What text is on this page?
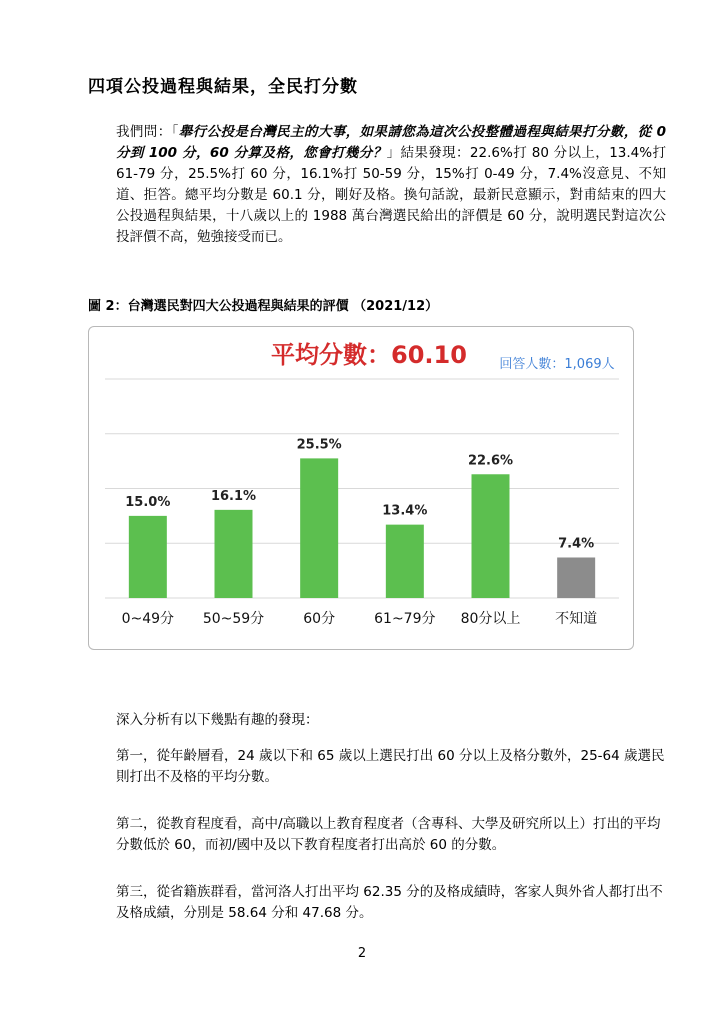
四項公投過程與結果，全民打分數
我們問：「舉行公投是台灣民主的大事，如果請您為這次公投整體過程與結果打分數，從 0 分到 100 分，60 分算及格，您會打幾分？」結果發現：22.6%打 80 分以上，13.4%打 61-79 分，25.5%打 60 分，16.1%打 50-59 分，15%打 0-49 分，7.4%沒意見、不知道、拒答。總平均分數是 60.1 分，剛好及格。換句話說，最新民意顯示，對甫結束的四大公投過程與結果，十八歲以上的 1988 萬台灣選民給出的評價是 60 分，說明選民對這次公投評價不高，勉強接受而已。
圖 2：台灣選民對四大公投過程與結果的評價 （2021/12）
平均分數：60.10 回答人數：1,069人
15.0%
0~49分
16.1%
50~59分
25.5%
60分
13.4%
61~79分
22.6%
80分以上
7.4%
不知道
深入分析有以下幾點有趣的發現：
第一，從年齡層看，24 歲以下和 65 歲以上選民打出 60 分以上及格分數外，25-64 歲選民則打出不及格的平均分數。
第二，從教育程度看，高中/高職以上教育程度者（含專科、大學及研究所以上）打出的平均分數低於 60，而初/國中及以下教育程度者打出高於 60 的分數。
第三，從省籍族群看，當河洛人打出平均 62.35 分的及格成績時，客家人與外省人都打出不及格成績，分別是 58.64 分和 47.68 分。
2
